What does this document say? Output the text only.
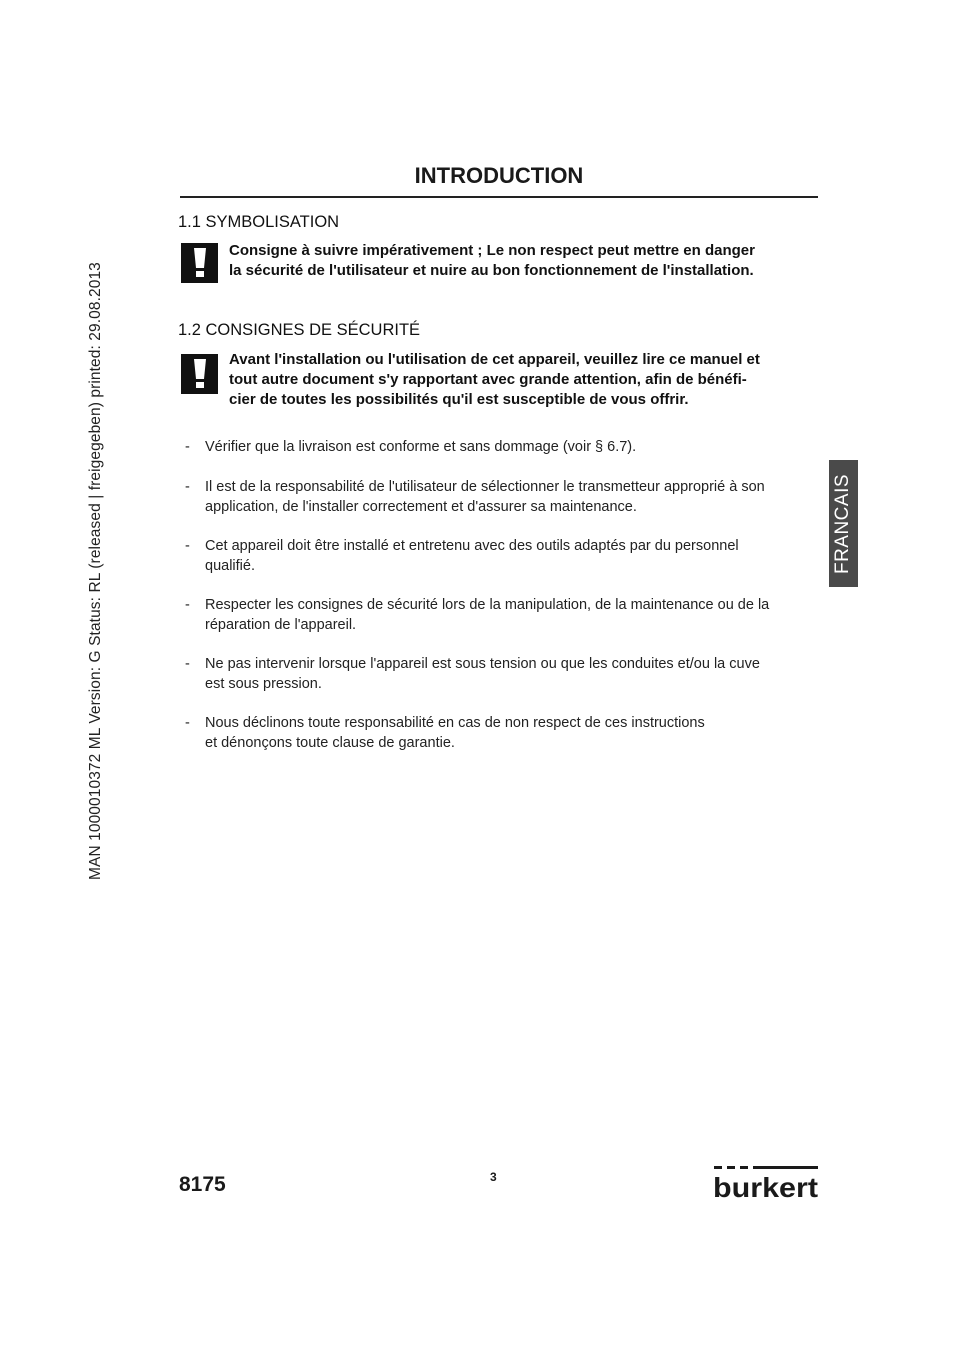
MAN 1000010372 ML Version: G Status: RL (released | freigegeben) printed: 29.08.2013
INTRODUCTION
1.1 SYMBOLISATION

Consigne à suivre impérativement ; Le non respect peut mettre en danger
la sécurité de l'utilisateur et nuire au bon fonctionnement de l'installation.

1.2 CONSIGNES DE SÉCURITÉ

Avant l'installation ou l'utilisation de cet appareil, veuillez lire ce manuel et
tout autre document s'y rapportant avec grande attention, afin de bénéfi-
cier de toutes les possibilités qu'il est susceptible de vous offrir.

- Vérifier que la livraison est conforme et sans dommage (voir § 6.7).
- Il est de la responsabilité de l'utilisateur de sélectionner le transmetteur approprié à son
application, de l'installer correctement et d'assurer sa maintenance.
- Cet appareil doit être installé et entretenu avec des outils adaptés par du personnel
qualifié.
- Respecter les consignes de sécurité lors de la manipulation, de la maintenance ou de la
réparation de l'appareil.
- Ne pas intervenir lorsque l'appareil est sous tension ou que les conduites et/ou la cuve
est sous pression.
- Nous déclinons toute responsabilité en cas de non respect de ces instructions
et dénonçons toute clause de garantie.
FRANCAIS
8175	3	burkert
